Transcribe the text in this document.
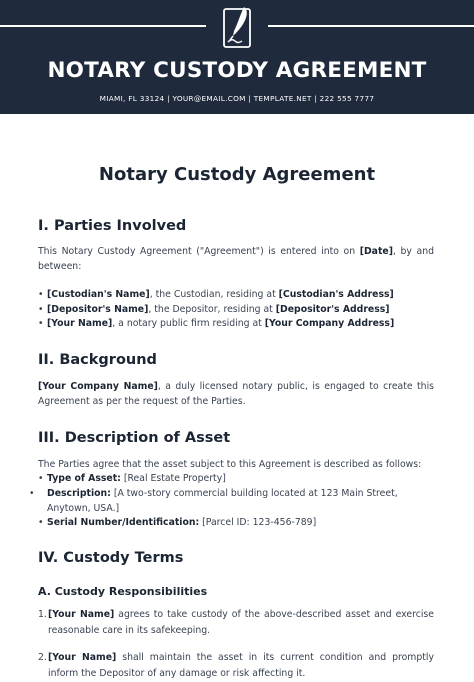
NOTARY CUSTODY AGREEMENT
MIAMI, FL 33124 | YOUR@EMAIL.COM | TEMPLATE.NET | 222 555 7777
Notary Custody Agreement
I. Parties Involved
This Notary Custody Agreement ("Agreement") is entered into on [Date], by and between:
• [Custodian's Name], the Custodian, residing at [Custodian's Address]
• [Depositor's Name], the Depositor, residing at [Depositor's Address]
• [Your Name], a notary public firm residing at [Your Company Address]
II. Background
[Your Company Name], a duly licensed notary public, is engaged to create this Agreement as per the request of the Parties.
III. Description of Asset
The Parties agree that the asset subject to this Agreement is described as follows:
• Type of Asset: [Real Estate Property]
• Description: [A two-story commercial building located at 123 Main Street, Anytown, USA.]
• Serial Number/Identification: [Parcel ID: 123-456-789]
IV. Custody Terms
A. Custody Responsibilities
1. [Your Name] agrees to take custody of the above-described asset and exercise reasonable care in its safekeeping.
2. [Your Name] shall maintain the asset in its current condition and promptly inform the Depositor of any damage or risk affecting it.
